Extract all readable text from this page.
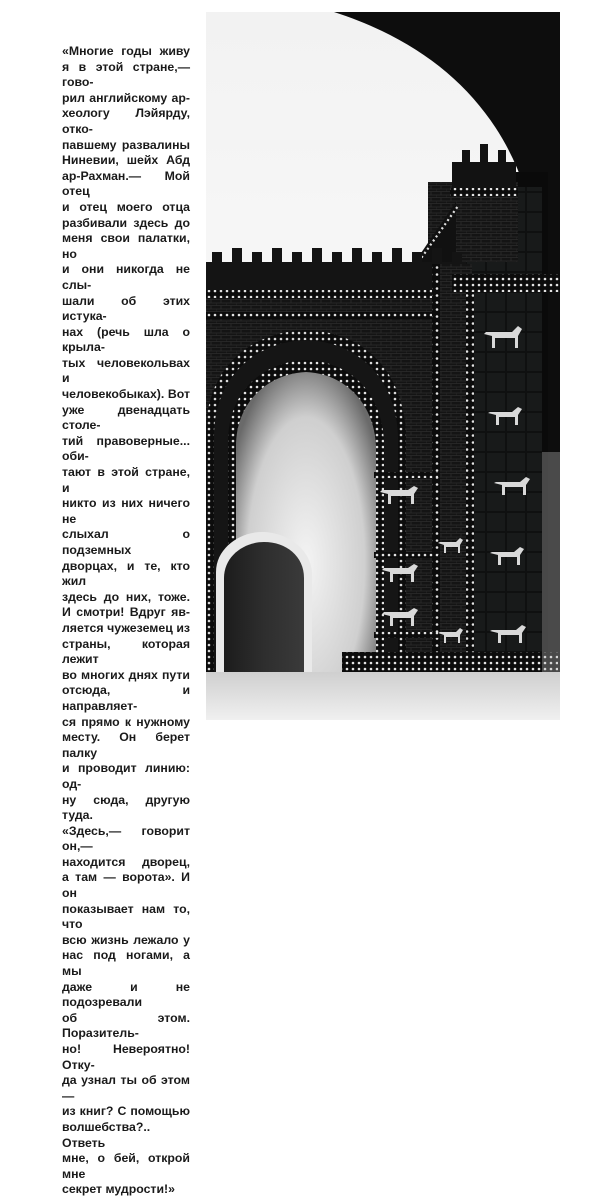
«Многие годы живу
я в этой стране,— гово-
рил английскому ар-
хеологу Лэйярду, отко-
павшему развалины
Ниневии, шейх Абд
ар-Рахман.— Мой отец
и отец моего отца
разбивали здесь до
меня свои палатки, но
и они никогда не слы-
шали об этих истука-
нах (речь шла о крыла-
тых человекольвах и
человекобыках). Вот
уже двенадцать столе-
тий правоверные... оби-
тают в этой стране, и
никто из них ничего не
слыхал о подземных
дворцах, и те, кто жил
здесь до них, тоже.
И смотри! Вдруг яв-
ляется чужеземец из
страны, которая лежит
во многих днях пути
отсюда, и направляет-
ся прямо к нужному
месту. Он берет палку
и проводит линию: од-
ну сюда, другую туда.
«Здесь,— говорит он,—
находится дворец,
а там — ворота». И он
показывает нам то, что
всю жизнь лежало у
нас под ногами, а мы
даже и не подозревали
об этом. Поразитель-
но! Невероятно! Отку-
да узнал ты об этом —
из книг? С помощью
волшебства?.. Ответь
мне, о бей, открой мне
секрет мудрости!»
